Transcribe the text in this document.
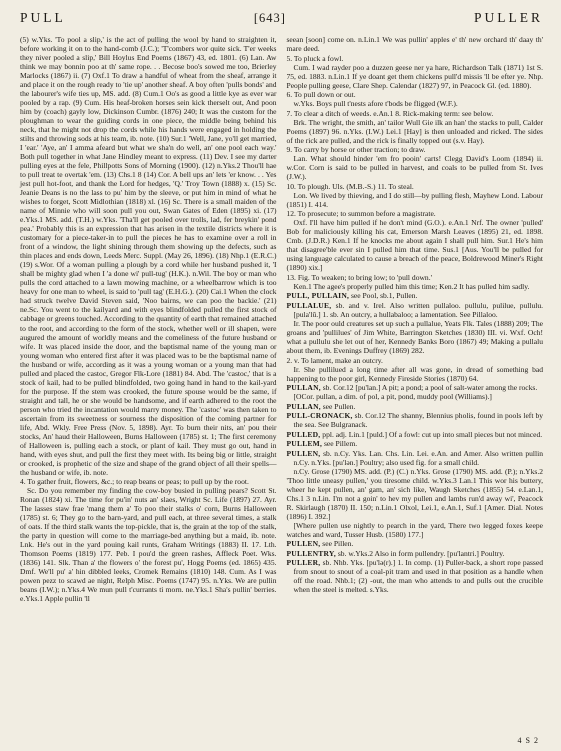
PULL	[643]	PULLER

(5) w.Yks. 'To pool a slip,' is the act of pulling the wool by hand to straighten it, before working it on to the hand-comb (J.C.); 'T'combers wor quite sick. T'er weeks they niver pooled a slip,' Bill Hoylus End Poems (1867) 43, ed. 1801. (6) Lan. Aw think we may bonnin poo at th' same rope. . . Becose boo's sowed me too, Brierley Marlocks (1867) ii. (7) Oxf.1 To draw a handful of wheat from the sheaf, arrange it and place it on the rough ready to 'tie up' another sheaf. A boy often 'pulls bonds' and the labourer's wife ties up, MS. add. (8) Cum.1 Oo's as good a little kye as ever war pooled by a rap. (9) Cum. His heaf-broken horses sein kick therselt out, And poon him by (coach) gayly low, Dickinson Cumbr. (1876) 240; It was the custom for the ploughman to wear the guiding cords in one piece, the middle being behind his neck, that he might not drop the cords while his hands were engaged in holding the stilts and throwing sods at his team, ib. note. (10) Sur.1 'Well, Jane, yo'll get married, I 'ear.' 'Aye, an' I amma afeard but what we sha'n do well, an' one pool each way.' Both pull together in what Jane Hindley meant to express. (11) Dev. I see my darter pulling eyes at the fele, Phillpotts Sons of Morning (1900). (12) n.Yks.2 Thou'll hae to pull treat te overtak 'em. (13) Chs.1 8 (14) Cor. A bell ups an' lets 'er know. . . Yes jest pull hot-foot, and thank the Lord for hedges, 'Q.' Troy Town (1888) x. (15) Sc. Jeanie Deans is no the lass to pu' him by the sleeve, or put him in mind of what he wishes to forget, Scott Midlothian (1818) xl. (16) Sc. There is a small maiden of the name of Minnie who will soon pull you out, Swan Gates of Eden (1895) xi. (17) e.Yks.1 MS. add. (T.H.) w.Yks. 'Tha'll get pooled over trolls, lad, fer breykin' pond pea.' Probably this is an expression that has arisen in the textile districts where it is customary for a piece-taker-in to pull the pieces he has to examine over a roll in front of a window, the light shining through them showing up the defects, such as thin places and ends down, Leeds Merc. Suppl. (May 26, 1896). (18) Nhp.1 (E.R.C.) (19) s.Wor. Of a woman pulling a plough by a cord while her husband pushed it, 'I shall be mighty glad when I 'a done wi' pull-tug' (H.K.). n.Wil. The boy or man who pulls the cord attached to a lawn mowing machine, or a wheelbarrow which is too heavy for one man to wheel, is said to 'pull tag' (E.H.G.). (20) Cai.1 When the clock had struck twelve David Steven said, 'Noo bairns, we can poo the backie.' (21) ne.Sc. You went to the kailyard and with eyes blindfolded pulled the first stock of cabbage or greens touched. According to the quantity of earth that remained attached to the root, and according to the form of the stock, whether well or ill shapen, were augured the amount of worldly means and the comeliness of the future husband or wife. It was placed inside the door, and the baptismal name of the young man or young woman who entered first after it was placed was to be the baptismal name of the husband or wife, according as it was a young woman or a young man that had pulled and placed the castoc, Gregor Flk-Lore (1881) 84. Abd. The 'castoc,' that is a stock of kail, had to be pulled blindfolded, two going hand in hand to the kail-yard for the purpose. If the stem was crooked, the future spouse would be the same, if straight and tall, he or she would be handsome, and if earth adhered to the root the person who tried the incantation would marry money. The 'castoc' was then taken to ascertain from its sweetness or sourness the disposition of the coming partner for life, Abd. Wkly. Free Press (Nov. 5, 1898). Ayr. To burn their nits, an' pou their stocks, An' haud their Halloween, Burns Halloween (1785) st. 1; The first ceremony of Halloween is, pulling each a stock, or plant of kail. They must go out, hand in hand, with eyes shut, and pull the first they meet with. Its being big or little, straight or crooked, is prophetic of the size and shape of the grand object of all their spells—the husband or wife, ib. note.

4. To gather fruit, flowers, &c.; to reap beans or peas; to pull up by the root.

Sc. Do you remember my finding the cow-boy busied in pulling pears? Scott St. Ronan (1824) xi. The time for pu'in' nuts an' slaes, Wright Sc. Life (1897) 27. Ayr. The lasses staw frae 'mang them a' To poo their stalks o' corn, Burns Halloween (1785) st. 6; They go to the barn-yard, and pull each, at three several times, a stalk of oats. If the third stalk wants the top-pickle, that is, the grain at the top of the stalk, the party in question will come to the marriage-bed anything but a maid, ib. note. Lnk. He's out in the yard pouing kail runts, Graham Writings (1883) II. 17. Lth. Thomson Poems (1819) 177. Peb. I pou'd the green rashes, Affleck Poet. Wks. (1836) 141. Slk. Than a' the flowers o' the forest pu', Hogg Poems (ed. 1865) 435. Dmf. We'll pu' a' hin dibbled leeks, Cromek Remains (1810) 148. Cum. As I was powen pezz to scawd ae night, Relph Misc. Poems (1747) 95. n.Yks. We are pullin beans (I.W.); n.Yks.4 We mun pull t'currants ti morn. ne.Yks.1 Sha's pullin' berries. e.Yks.1 Apple pullin 'll

seean [soon] come on. n.Lin.1 We was pullin' apples e' th' new orchard th' daay th' mare deed.

5. To pluck a fowl.

Cum. I wad rayder poo a duzzen geese ner ya hare, Richardson Talk (1871) 1st S. 75, ed. 1883. n.Lin.1 If ye doant get them chickens pull'd missis 'll be efter ye. Nhp. People pulling geese, Clare Shep. Calendar (1827) 97, in Peacock Gl. (ed. 1880).

6. To pull down or out.

w.Yks. Boys pull t'nests afore t'bods be fligged (W.F.).

7. To clear a ditch of weeds. e.An.1 8. Rick-making term: see below.

Brk. The wright, the smith, an' tailor Wull Gie ilk an han' the stacks to pull, Calder Poems (1897) 96. n.Yks. (I.W.) Lei.1 [Hay] is then unloaded and ricked. The sides of the rick are pulled, and the rick is finally topped out (s.v. Hay).

9. To carry by horse or other traction; to draw.

Lan. What should hinder 'em fro pooin' carts! Clegg David's Loom (1894) ii. w.Cor. Corn is said to be pulled in harvest, and coals to be pulled from St. Ives (J.W.).

10. To plough. Uls. (M.B.-S.) 11. To steal.

Lon. We lived by thieving, and I do still—by pulling flesh, Mayhew Lond. Labour (1851) I. 414.

12. To prosecute; to summon before a magistrate.

Oxf. I'll have him pulled if he don't mind (G.O.). e.An.1 Nrf. The owner 'pulled' Bob for maliciously killing his cat, Emerson Marsh Leaves (1895) 21, ed. 1898. Cmb. (J.D.R.) Ken.1 If he knocks me about again I shall pull him. Sur.1 He's him that disagree'ble ever sin I pulled him that time. Sus.1 [Aus. You'll be pulled for using language calculated to cause a breach of the peace, Boldrewood Miner's Right (1890) xix.]

13. Fig. To weaken; to bring low; to 'pull down.'

Ken.1 The agee's properly pulled him this time; Ken.2 It has pulled him sadly.

PULL, PULLAIN, see Pool, sb.1, Pullen.

PULLALUE, sb. and v. Irel. Also written pullaloo. pullulu, pulilue, pullulu. [pula'lū.] 1. sb. An outcry, a hullabaloo; a lamentation. See Pillaloo.

Ir. The poor ould creatures set up such a pullalue, Yeats Flk. Tales (1888) 209; The groans and 'pullilues' of Jim White, Barrington Sketches (1830) III. vi. Wxf. Och! what a pullulu she let out of her, Kennedy Banks Boro (1867) 49; Making a pullalu about them, ib. Evenings Duffrey (1869) 282.

2. v. To lament, make an outcry.

Ir. She pullilued a long time after all was gone, in dread of something bad happening to the poor girl, Kennedy Fireside Stories (1870) 64.

PULLAN, sb. Cor.12 [pu'lan.] A pit; a pond; a pool of salt-water among the rocks.

[OCor. pullan, a dim. of pol, a pit, pond, muddy pool (Williams).]

PULLAN, see Pullen.

PULL-CRONACK, sb. Cor.12 The shanny, Blennius pholis, found in pools left by the sea. See Bulgranack.

PULLED, ppl. adj. Lin.1 [puld.] Of a fowl: cut up into small pieces but not minced.

PULLEM, see Pillem.

PULLEN, sb. n.Cy. Yks. Lan. Chs. Lin. Lei. e.An. and Amer. Also written pullin n.Cy. n.Yks. [pu'lən.] Poultry; also used fig. for a small child.

n.Cy. Grose (1790) MS. add. (P.) (C.) n.Yks. Grose (1790) MS. add. (P.); n.Yks.2 'Thoo little uneasy pullen,' you tiresome child. w.Yks.3 Lan.1 This wor his buttery, wheer he kept pullen, an' gam, an' sich like, Waugh Sketches (1855) 54. e.Lan.1, Chs.1 3 n.Lin. I'm not a goin' to hev my pullen and lambs run'd away wi', Peacock R. Skirlaugh (1870) II. 150; n.Lin.1 Olxol, Lei.1, e.An.1, Suf.1 [Amer. Dial. Notes (1896) I. 392.]

[Where pullen use nightly to pearch in the yard, There two legged foxes keepe watches and ward, Tusser Husb. (1580) 177.]

PULLEN, see Pillen.

PULLENTRY, sb. w.Yks.2 Also in form pullendry. [pu'lantri.] Poultry.

PULLER, sb. Nhb. Yks. [pu'lə(r).] 1. In comp. (1) Puller-back, a short rope passed from snout to snout of a coal-pit tram and used in that position as a handle when off the road. Nhb.1; (2) -out, the man who attends to and pulls out the crucible when the steel is melted. s.Yks.

4 S 2
